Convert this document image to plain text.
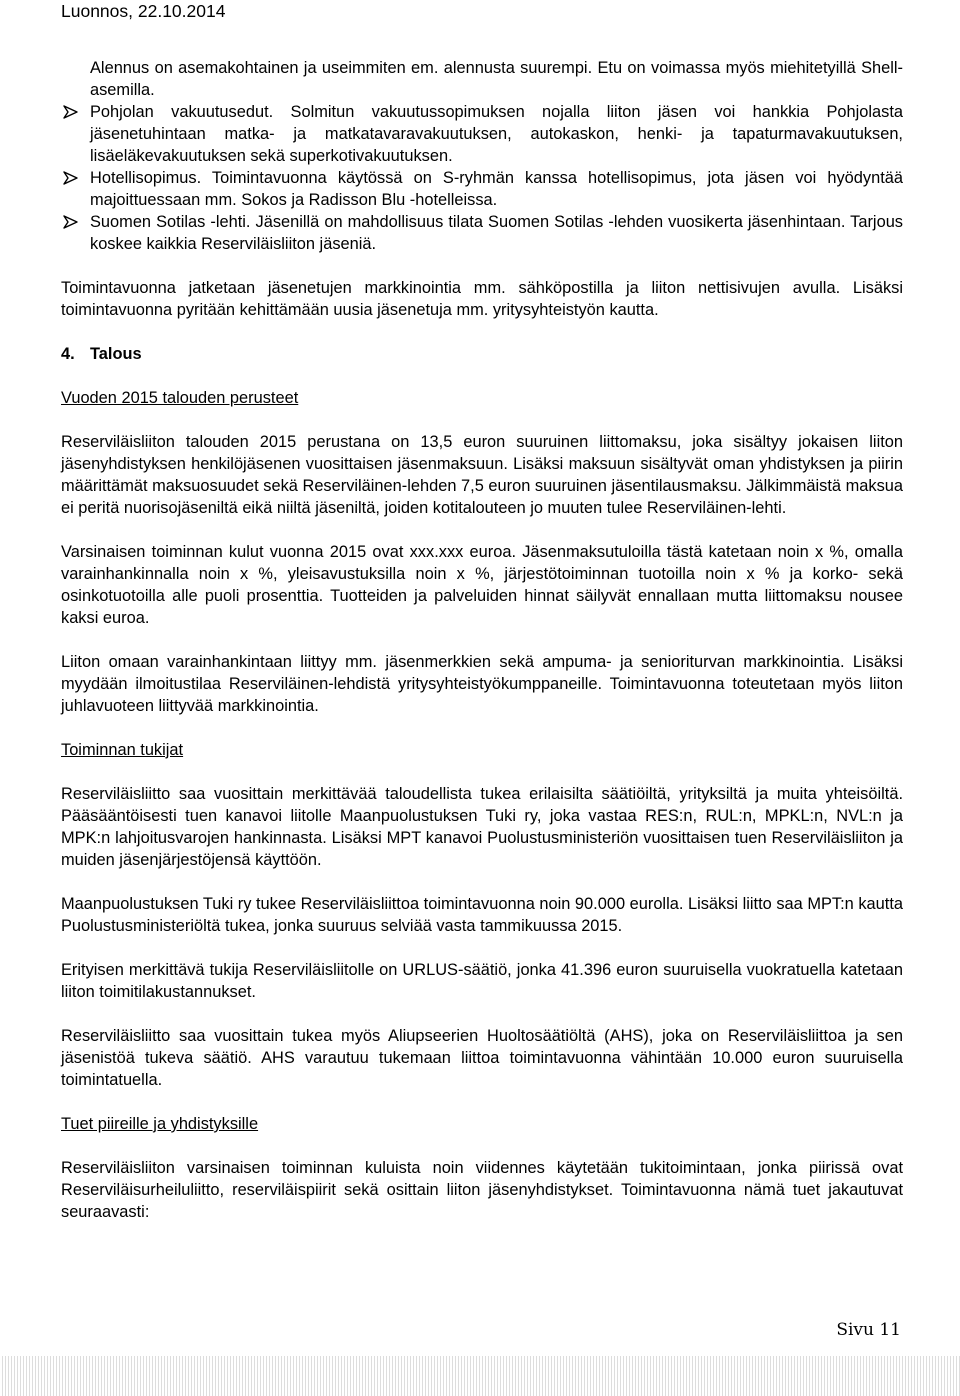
Luonnos, 22.10.2014
Alennus on asemakohtainen ja useimmiten em. alennusta suurempi. Etu on voimassa myös miehitetyillä Shell-asemilla.
Pohjolan vakuutusedut. Solmitun vakuutussopimuksen nojalla liiton jäsen voi hankkia Pohjolasta jäsenetuhintaan matka- ja matkatavaravakuutuksen, autokaskon, henki- ja tapaturmavakuutuksen, lisäeläkevakuutuksen sekä superkotivakuutuksen.
Hotellisopimus. Toimintavuonna käytössä on S-ryhmän kanssa hotellisopimus, jota jäsen voi hyödyntää majoittuessaan mm. Sokos ja Radisson Blu -hotelleissa.
Suomen Sotilas -lehti. Jäsenillä on mahdollisuus tilata Suomen Sotilas -lehden vuosikerta jäsenhintaan. Tarjous koskee kaikkia Reserviläisliiton jäseniä.

Toimintavuonna jatketaan jäsenetujen markkinointia mm. sähköpostilla ja liiton nettisivujen avulla. Lisäksi toimintavuonna pyritään kehittämään uusia jäsenetuja mm. yritysyhteistyön kautta.

4. Talous
Vuoden 2015 talouden perusteet

Reserviläisliiton talouden 2015 perustana on 13,5 euron suuruinen liittomaksu, joka sisältyy jokaisen liiton jäsenyhdistyksen henkilöjäsenen vuosittaisen jäsenmaksuun. Lisäksi maksuun sisältyvät oman yhdistyksen ja piirin määrittämät maksuosuudet sekä Reserviläinen-lehden 7,5 euron suuruinen jäsentilausmaksu. Jälkimmäistä maksua ei peritä nuorisojäseniltä eikä niiltä jäseniltä, joiden kotitalouteen jo muuten tulee Reserviläinen-lehti.

Varsinaisen toiminnan kulut vuonna 2015 ovat xxx.xxx euroa. Jäsenmaksutuloilla tästä katetaan noin x %, omalla varainhankinnalla noin x %, yleisavustuksilla noin x %, järjestötoiminnan tuotoilla noin x % ja korko- sekä osinkotuotoilla alle puoli prosenttia. Tuotteiden ja palveluiden hinnat säilyvät ennallaan mutta liittomaksu nousee kaksi euroa.

Liiton omaan varainhankintaan liittyy mm. jäsenmerkkien sekä ampuma- ja senioriturvan markkinointia. Lisäksi myydään ilmoitustilaa Reserviläinen-lehdistä yritysyhteistyökumppaneille. Toimintavuonna toteutetaan myös liiton juhlavuoteen liittyvää markkinointia.

Toiminnan tukijat

Reserviläisliitto saa vuosittain merkittävää taloudellista tukea erilaisilta säätiöiltä, yrityksiltä ja muita yhteisöiltä. Pääsääntöisesti tuen kanavoi liitolle Maanpuolustuksen Tuki ry, joka vastaa RES:n, RUL:n, MPKL:n, NVL:n ja MPK:n lahjoitusvarojen hankinnasta. Lisäksi MPT kanavoi Puolustusministeriön vuosittaisen tuen Reserviläisliiton ja muiden jäsenjärjestöjensä käyttöön.

Maanpuolustuksen Tuki ry tukee Reserviläisliittoa toimintavuonna noin 90.000 eurolla. Lisäksi liitto saa MPT:n kautta Puolustusministeriöltä tukea, jonka suuruus selviää vasta tammikuussa 2015.

Erityisen merkittävä tukija Reserviläisliitolle on URLUS-säätiö, jonka 41.396 euron suuruisella vuokratuella katetaan liiton toimitilakustannukset.

Reserviläisliitto saa vuosittain tukea myös Aliupseerien Huoltosäätiöltä (AHS), joka on Reserviläisliittoa ja sen jäsenistöä tukeva säätiö. AHS varautuu tukemaan liittoa toimintavuonna vähintään 10.000 euron suuruisella toimintatuella.

Tuet piireille ja yhdistyksille

Reserviläisliiton varsinaisen toiminnan kuluista noin viidennes käytetään tukitoimintaan, jonka piirissä ovat Reserviläisurheiluliitto, reserviläispiirit sekä osittain liiton jäsenyhdistykset. Toimintavuonna nämä tuet jakautuvat seuraavasti:

Sivu 11
